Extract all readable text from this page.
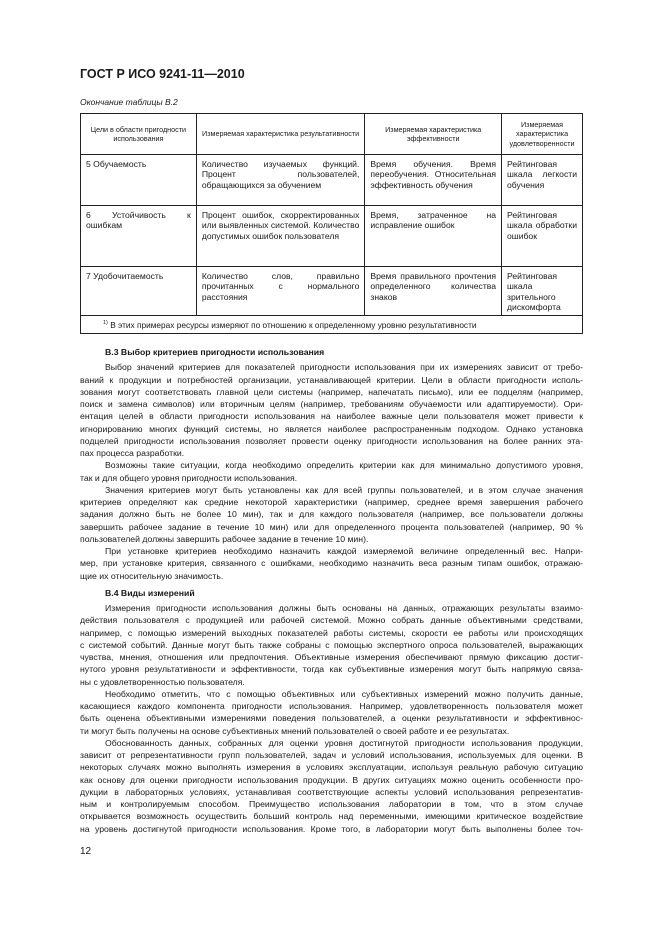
ГОСТ Р ИСО 9241-11—2010
Окончание таблицы В.2
Цели в области пригодности использования	Измеряемая характеристика результативности	Измеряемая характеристика эффективности	Измеряемая характеристика удовлетворенности
5 Обучаемость	Количество изучаемых функций. Процент пользователей, обращающихся за обучением	Время обучения. Время переобучения. Относительная эффективность обучения	Рейтинговая шкала легкости обучения
6 Устойчивость к ошибкам	Процент ошибок, скорректированных или выявленных системой. Количество допустимых ошибок пользователя	Время, затраченное на исправление ошибок	Рейтинговая шкала обработки ошибок
7 Удобочитаемость	Количество слов, правильно прочитанных с нормального расстояния	Время правильного прочтения определенного количества знаков	Рейтинговая шкала зрительного дискомфорта
$^{1)}$ В этих примерах ресурсы измеряют по отношению к определенному уровню результативности			
В.3 Выбор критериев пригодности использования
Выбор значений критериев для показателей пригодности использования при их измерениях зависит от требо-
ваний к продукции и потребностей организации, устанавливающей критерии. Цели в области пригодности исполь-
зования могут соответствовать главной цели системы (например, напечатать письмо), или ее подцелям (например,
поиск и замена символов) или вторичным целям (например, требованиям обучаемости или адаптируемости). Ори-
ентация целей в области пригодности использования на наиболее важные цели пользователя может привести к
игнорированию многих функций системы, но является наиболее распространенным подходом. Однако установка
подцелей пригодности использования позволяет провести оценку пригодности использования на более ранних эта-
пах процесса разработки.
Возможны такие ситуации, когда необходимо определить критерии как для минимально допустимого уровня,
так и для общего уровня пригодности использования.
Значения критериев могут быть установлены как для всей группы пользователей, и в этом случае значения
критериев определяют как средние некоторой характеристики (например, среднее время завершения рабочего
задания должно быть не более 10 мин), так и для каждого пользователя (например, все пользователи должны
завершить рабочее задание в течение 10 мин) или для определенного процента пользователей (например, 90 %
пользователей должны завершить рабочее задание в течение 10 мин).
При установке критериев необходимо назначить каждой измеряемой величине определенный вес. Напри-
мер, при установке критерия, связанного с ошибками, необходимо назначить веса разным типам ошибок, отражаю-
щие их относительную значимость.
В.4 Виды измерений
Измерения пригодности использования должны быть основаны на данных, отражающих результаты взаимо-
действия пользователя с продукцией или рабочей системой. Можно собрать данные объективными средствами,
например, с помощью измерений выходных показателей работы системы, скорости ее работы или происходящих
с системой событий. Данные могут быть также собраны с помощью экспертного опроса пользователей, выражающих
чувства, мнения, отношения или предпочтения. Объективные измерения обеспечивают прямую фиксацию достиг-
нутого уровня результативности и эффективности, тогда как субъективные измерения могут быть напрямую связа-
ны с удовлетворенностью пользователя.
Необходимо отметить, что с помощью объективных или субъективных измерений можно получить данные,
касающиеся каждого компонента пригодности использования. Например, удовлетворенность пользователя может
быть оценена объективными измерениями поведения пользователей, а оценки результативности и эффективнос-
ти могут быть получены на основе субъективных мнений пользователей о своей работе и ее результатах.
Обоснованность данных, собранных для оценки уровня достигнутой пригодности использования продукции,
зависит от репрезентативности групп пользователей, задач и условий использования, используемых для оценки. В
некоторых случаях можно выполнять измерения в условиях эксплуатации, используя реальную рабочую ситуацию
как основу для оценки пригодности использования продукции. В других ситуациях можно оценить особенности про-
дукции в лабораторных условиях, устанавливая соответствующие аспекты условий использования репрезентатив-
ным и контролируемым способом. Преимущество использования лаборатории в том, что в этом случае
открывается возможность осуществить больший контроль над переменными, имеющими критическое воздействие
на уровень достигнутой пригодности использования. Кроме того, в лаборатории могут быть выполнены более точ-
12
